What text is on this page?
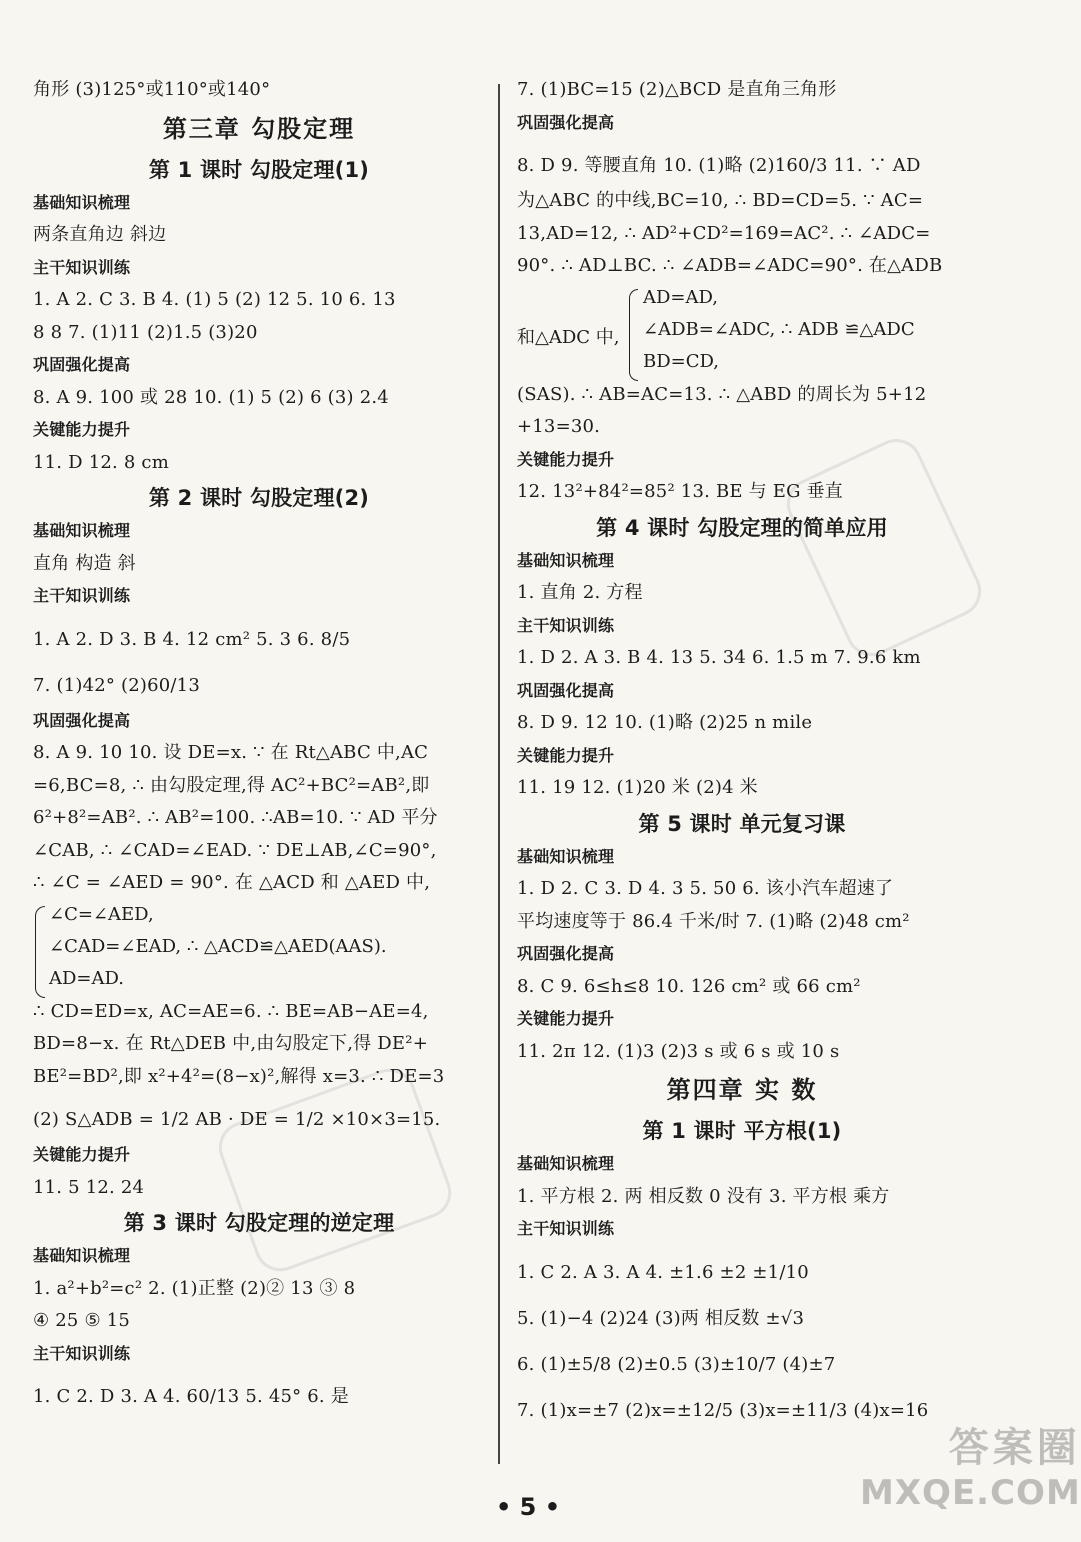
角形 (3)125°或110°或140°
第三章 勾股定理
第 1 课时 勾股定理(1)
基础知识梳理
两条直角边 斜边
主干知识训练
1. A 2. C 3. B 4. (1) 5 (2) 12 5. 10 6. 13
8 8 7. (1)11 (2)1.5 (3)20
巩固强化提高
8. A 9. 100 或 28 10. (1) 5 (2) 6 (3) 2.4
关键能力提升
11. D 12. 8 cm
第 2 课时 勾股定理(2)
基础知识梳理
直角 构造 斜
主干知识训练
1. A 2. D 3. B 4. 12 cm² 5. 3 6. 8/5
7. (1)42° (2)60/13
巩固强化提高
8. A 9. 10 10. 设 DE=x. ∵ 在 Rt△ABC 中,AC
=6,BC=8, ∴ 由勾股定理,得 AC²+BC²=AB²,即
6²+8²=AB². ∴ AB²=100. ∴AB=10. ∵ AD 平分
∠CAB, ∴ ∠CAD=∠EAD. ∵ DE⊥AB,∠C=90°,
∴ ∠C = ∠AED = 90°. 在 △ACD 和 △AED 中,
∠C=∠AED,
∠CAD=∠EAD, ∴ △ACD≌△AED(AAS).
AD=AD.
∴ CD=ED=x, AC=AE=6. ∴ BE=AB−AE=4,
BD=8−x. 在 Rt△DEB 中,由勾股定下,得 DE²+
BE²=BD²,即 x²+4²=(8−x)²,解得 x=3. ∴ DE=3
(2) S△ADB = 1/2 AB · DE = 1/2 ×10×3=15.
关键能力提升
11. 5 12. 24
第 3 课时 勾股定理的逆定理
基础知识梳理
1. a²+b²=c² 2. (1)正整 (2)② 13 ③ 8
④ 25 ⑤ 15
主干知识训练
1. C 2. D 3. A 4. 60/13 5. 45° 6. 是
7. (1)BC=15 (2)△BCD 是直角三角形
巩固强化提高
8. D 9. 等腰直角 10. (1)略 (2)160/3 11. ∵ AD
为△ABC 的中线,BC=10, ∴ BD=CD=5. ∵ AC=
13,AD=12, ∴ AD²+CD²=169=AC². ∴ ∠ADC=
90°. ∴ AD⊥BC. ∴ ∠ADB=∠ADC=90°. 在△ADB
和△ADC 中,
AD=AD,
∠ADB=∠ADC, ∴ ADB ≌△ADC
BD=CD,
(SAS). ∴ AB=AC=13. ∴ △ABD 的周长为 5+12
+13=30.
关键能力提升
12. 13²+84²=85² 13. BE 与 EG 垂直
第 4 课时 勾股定理的简单应用
基础知识梳理
1. 直角 2. 方程
主干知识训练
1. D 2. A 3. B 4. 13 5. 34 6. 1.5 m 7. 9.6 km
巩固强化提高
8. D 9. 12 10. (1)略 (2)25 n mile
关键能力提升
11. 19 12. (1)20 米 (2)4 米
第 5 课时 单元复习课
基础知识梳理
1. D 2. C 3. D 4. 3 5. 50 6. 该小汽车超速了
平均速度等于 86.4 千米/时 7. (1)略 (2)48 cm²
巩固强化提高
8. C 9. 6≤h≤8 10. 126 cm² 或 66 cm²
关键能力提升
11. 2π 12. (1)3 (2)3 s 或 6 s 或 10 s
第四章 实 数
第 1 课时 平方根(1)
基础知识梳理
1. 平方根 2. 两 相反数 0 没有 3. 平方根 乘方
主干知识训练
1. C 2. A 3. A 4. ±1.6 ±2 ±1/10
5. (1)−4 (2)24 (3)两 相反数 ±√3
6. (1)±5/8 (2)±0.5 (3)±10/7 (4)±7
7. (1)x=±7 (2)x=±12/5 (3)x=±11/3 (4)x=16
• 5 •
答案圈
MXQE.COM
